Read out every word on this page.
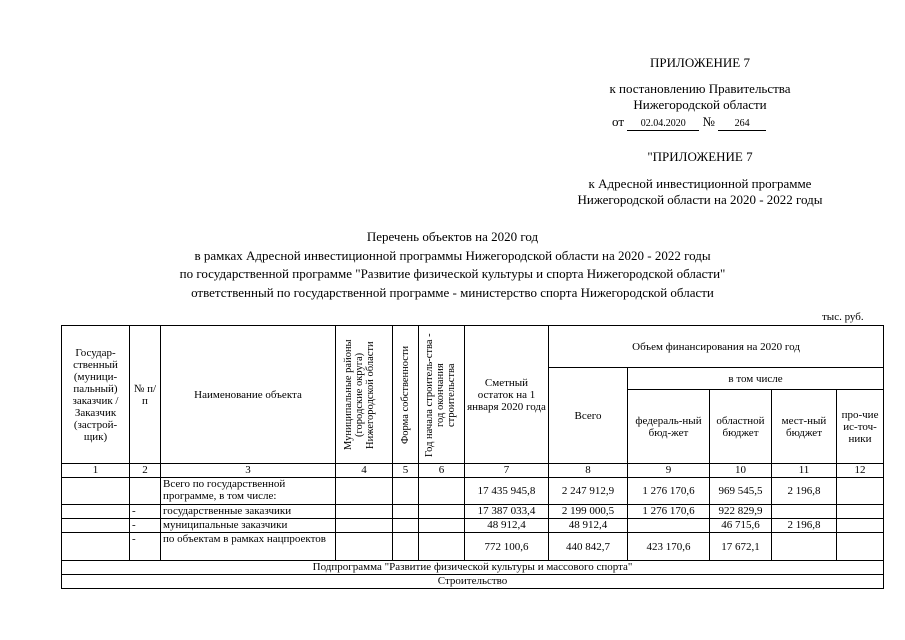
ПРИЛОЖЕНИЕ 7
к постановлению Правительства
Нижегородской области
от 02.04.2020 № 264
"ПРИЛОЖЕНИЕ 7
к Адресной инвестиционной программе
Нижегородской области на 2020 - 2022 годы
Перечень объектов на 2020 год
в рамках Адресной инвестиционной программы Нижегородской области на 2020 - 2022 годы
по государственной программе "Развитие физической культуры и спорта Нижегородской области"
ответственный по государственной программе - министерство спорта Нижегородской области
тыс. руб.
Государ-ственный (муници-пальный) заказчик / Заказчик (застрой-щик)	№ п/п	Наименование объекта	Муниципальные районы (городские округа) Нижегородской области	Форма собственности	Год начала строитель-ства - год окончания строительства	Сметный остаток на 1 января 2020 года	Объем финансирования на 2020 год				
							Всего	в том числе			
								федераль-ный бюд-жет	областной бюджет	мест-ный бюджет	про-чие ис-точ-ники
1	2	3	4	5	6	7	8	9	10	11	12
		Всего по государственной программе, в том числе:				17 435 945,8	2 247 912,9	1 276 170,6	969 545,5	2 196,8	
	-	государственные заказчики				17 387 033,4	2 199 000,5	1 276 170,6	922 829,9		
	-	муниципальные заказчики				48 912,4	48 912,4		46 715,6	2 196,8	
	-	по объектам в рамках нацпроектов				772 100,6	440 842,7	423 170,6	17 672,1		
Подпрограмма "Развитие физической культуры и массового спорта"											
Строительство											
